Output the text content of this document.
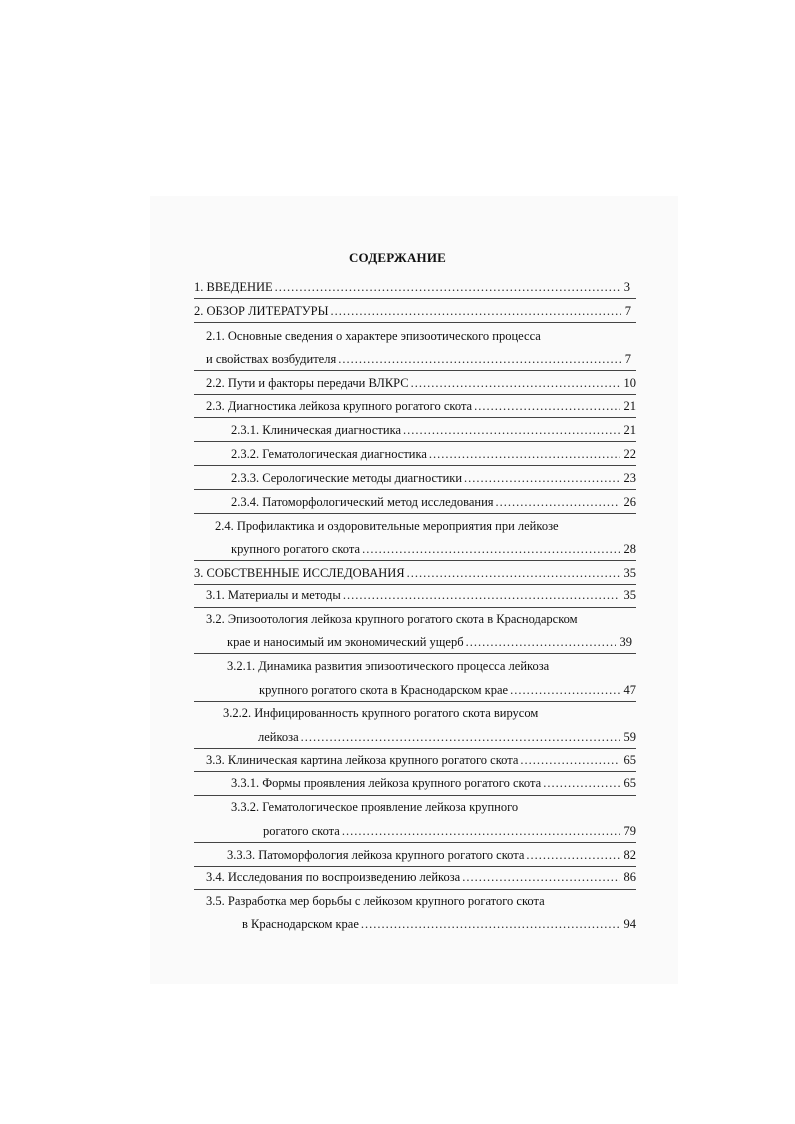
СОДЕРЖАНИЕ
1. ВВЕДЕНИЕ .....	3
2. ОБЗОР ЛИТЕРАТУРЫ .....	7
2.1. Основные сведения о характере эпизоотического процесса
и свойствах возбудителя .....	7
2.2. Пути и факторы передачи ВЛКРС .....	10
2.3. Диагностика лейкоза крупного рогатого скота .....	21
2.3.1. Клиническая диагностика .....	21
2.3.2. Гематологическая диагностика .....	22
2.3.3. Серологические методы диагностики .....	23
2.3.4. Патоморфологический метод исследования .....	26
2.4. Профилактика и оздоровительные мероприятия при лейкозе
крупного рогатого скота .....	28
3. СОБСТВЕННЫЕ ИССЛЕДОВАНИЯ .....	35
3.1. Материалы и методы .....	35
3.2. Эпизоотология лейкоза крупного рогатого скота в Краснодарском
крае и наносимый им экономический ущерб .....	39
3.2.1. Динамика развития эпизоотического процесса лейкоза
крупного рогатого скота в Краснодарском крае .....	47
3.2.2. Инфицированность крупного рогатого скота вирусом
лейкоза .....	59
3.3. Клиническая картина лейкоза крупного рогатого скота .....	65
3.3.1. Формы проявления лейкоза крупного рогатого скота .....	65
3.3.2. Гематологическое проявление лейкоза крупного
рогатого скота .....	79
3.3.3. Патоморфология лейкоза крупного рогатого скота .....	82
3.4. Исследования по воспроизведению лейкоза .....	86
3.5. Разработка мер борьбы с лейкозом крупного рогатого скота
в Краснодарском крае .....	94
